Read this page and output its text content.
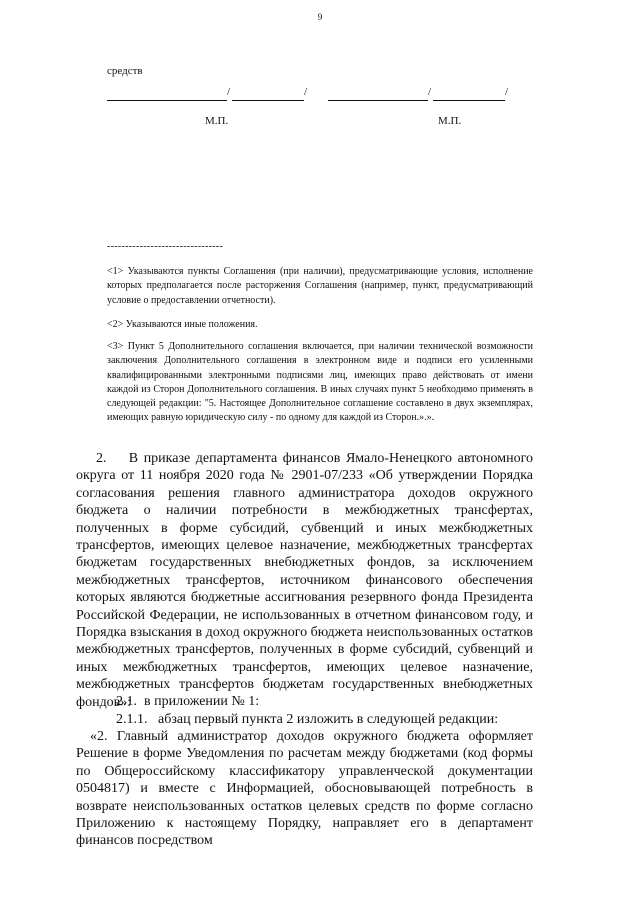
9
средств
/	/	/	/
М.П.	М.П.
--------------------------------
<1> Указываются пункты Соглашения (при наличии), предусматривающие условия, исполнение которых предполагается после расторжения Соглашения (например, пункт, предусматривающий условие о предоставлении отчетности).
<2> Указываются иные положения.
<3> Пункт 5 Дополнительного соглашения включается, при наличии технической возможности заключения Дополнительного соглашения в электронном виде и подписи его усиленными квалифицированными электронными подписями лиц, имеющих право действовать от имени каждой из Сторон Дополнительного соглашения. В иных случаях пункт 5 необходимо применять в следующей редакции: "5. Настоящее Дополнительное соглашение составлено в двух экземплярах, имеющих равную юридическую силу - по одному для каждой из Сторон.».».
2.    В приказе департамента финансов Ямало-Ненецкого автономного округа от 11 ноября 2020 года № 2901-07/233 «Об утверждении Порядка согласования решения главного администратора доходов окружного бюджета о наличии потребности в межбюджетных трансфертах, полученных в форме субсидий, субвенций и иных межбюджетных трансфертов, имеющих целевое назначение, межбюджетных трансфертах бюджетам государственных внебюджетных фондов, за исключением межбюджетных трансфертов, источником финансового обеспечения которых являются бюджетные ассигнования резервного фонда Президента Российской Федерации, не использованных в отчетном финансовом году, и Порядка взыскания в доход окружного бюджета неиспользованных остатков межбюджетных трансфертов, полученных в форме субсидий, субвенций и иных межбюджетных трансфертов, имеющих целевое назначение, межбюджетных трансфертов бюджетам государственных внебюджетных фондов»:
2.1.  в приложении № 1:
2.1.1.   абзац первый пункта 2 изложить в следующей редакции:
«2. Главный администратор доходов окружного бюджета оформляет Решение в форме Уведомления по расчетам между бюджетами (код формы по Общероссийскому классификатору управленческой документации 0504817) и вместе с Информацией, обосновывающей потребность в возврате неиспользованных остатков целевых средств по форме согласно Приложению к настоящему Порядку, направляет его в департамент финансов посредством
